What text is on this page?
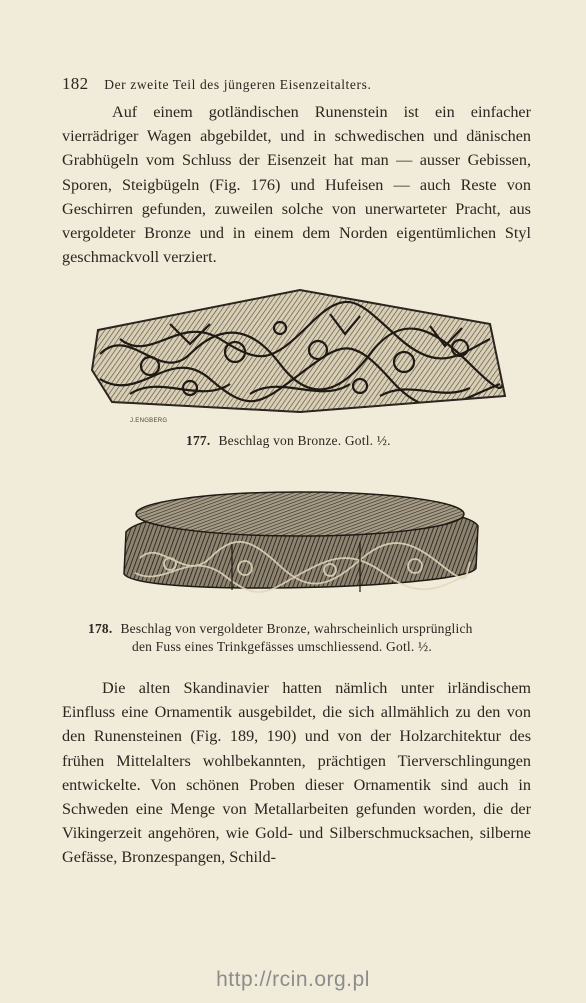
182 Der zweite Teil des jüngeren Eisenzeitalters.

Auf einem gotländischen Runenstein ist ein einfacher vierrädriger Wagen abgebildet, und in schwedischen und dänischen Grabhügeln vom Schluss der Eisenzeit hat man — ausser Gebissen, Sporen, Steigbügeln (Fig. 176) und Hufeisen — auch Reste von Geschirren gefunden, zuweilen solche von unerwarteter Pracht, aus vergoldeter Bronze und in einem dem Norden eigentümlichen Styl geschmackvoll verziert.

J.ENGBERG
177. Beschlag von Bronze. Gotl. ½.
178. Beschlag von vergoldeter Bronze, wahrscheinlich ursprünglich
den Fuss eines Trinkgefässes umschliessend. Gotl. ½.

Die alten Skandinavier hatten nämlich unter irländischem Einfluss eine Ornamentik ausgebildet, die sich allmählich zu den von den Runensteinen (Fig. 189, 190) und von der Holzarchitektur des frühen Mittelalters wohlbekannten, prächtigen Tierverschlingungen entwickelte. Von schönen Proben dieser Ornamentik sind auch in Schweden eine Menge von Metallarbeiten gefunden worden, die der Vikingerzeit angehören, wie Gold- und Silberschmucksachen, silberne Gefässe, Bronzespangen, Schild-

http://rcin.org.pl
